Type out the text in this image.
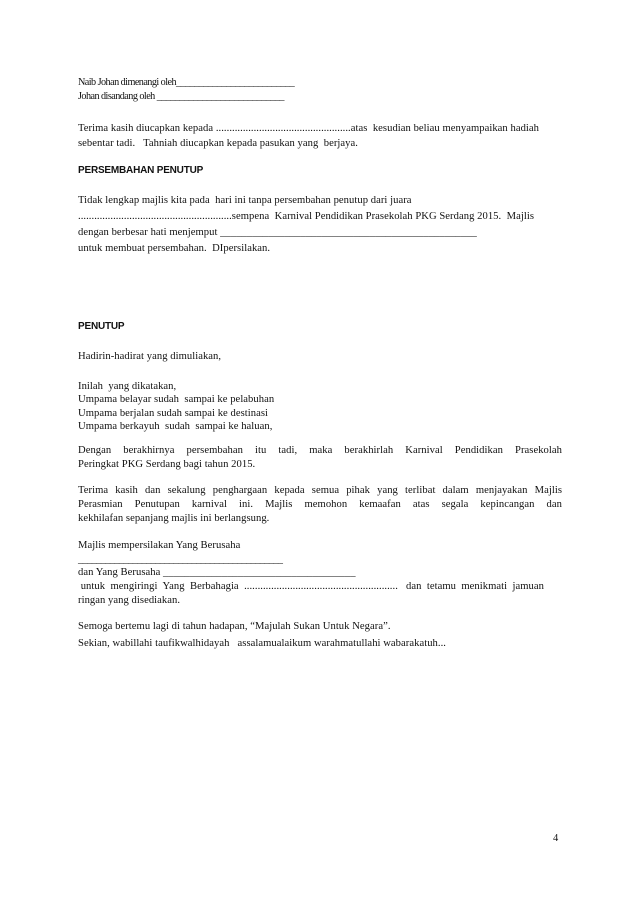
Naib Johan dimenangi oleh__________________________
Johan disandang oleh ____________________________
Terima kasih diucapkan kepada ..................................................atas  kesudian beliau menyampaikan hadiah
sebentar tadi.   Tahniah diucapkan kepada pasukan yang  berjaya.
PERSEMBAHAN PENUTUP
Tidak lengkap majlis kita pada  hari ini tanpa persembahan penutup dari juara
.........................................................sempena  Karnival Pendidikan Prasekolah PKG Serdang 2015.  Majlis
dengan berbesar hati menjemput ________________________________________________
untuk membuat persembahan.  DIpersilakan.
PENUTUP
Hadirin-hadirat yang dimuliakan,
Inilah  yang dikatakan,
Umpama belayar sudah  sampai ke pelabuhan
Umpama berjalan sudah sampai ke destinasi
Umpama berkayuh  sudah  sampai ke haluan,
Dengan berakhirnya persembahan itu tadi, maka berakhirlah Karnival Pendidikan Prasekolah
Peringkat PKG Serdang bagi tahun 2015.
Terima kasih dan sekalung penghargaan kepada semua pihak yang terlibat dalam menjayakan Majlis
Perasmian Penutupan karnival ini. Majlis memohon kemaafan atas segala kepincangan dan
kekhilafan sepanjang majlis ini berlangsung.
Majlis mempersilakan Yang Berusaha
_____________________________________________
dan Yang Berusaha ____________________________________
untuk  mengiringi  Yang  Berbahagia  .........................................................   dan  tetamu  menikmati  jamuan
ringan yang disediakan.
Semoga bertemu lagi di tahun hadapan, “Majulah Sukan Untuk Negara”.
Sekian, wabillahi taufikwalhidayah   assalamualaikum warahmatullahi wabarakatuh...
4
